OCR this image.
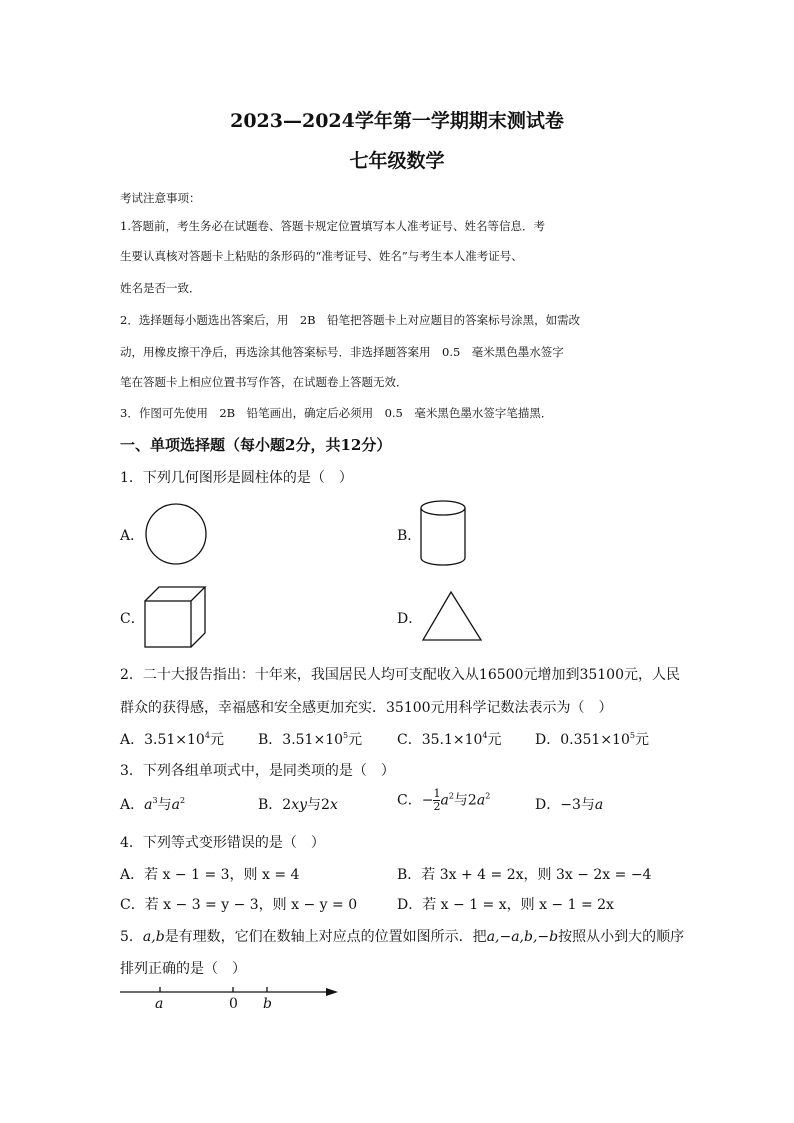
2023—2024学年第一学期期末测试卷
七年级数学
考试注意事项：
1.答题前，考生务必在试题卷、答题卡规定位置填写本人准考证号、姓名等信息．考
生要认真核对答题卡上粘贴的条形码的“准考证号、姓名”与考生本人准考证号、
姓名是否一致．
2．选择题每小题选出答案后，用　2B　铅笔把答题卡上对应题目的答案标号涂黑，如需改
动，用橡皮擦干净后，再选涂其他答案标号．非选择题答案用　0.5　毫米黑色墨水签字
笔在答题卡上相应位置书写作答，在试题卷上答题无效．
3．作图可先使用　2B　铅笔画出，确定后必须用　0.5　毫米黑色墨水签字笔描黑．
一、单项选择题（每小题2分，共12分）
1．下列几何图形是圆柱体的是（　）
A．	B．
C．	D．
2．二十大报告指出：十年来，我国居民人均可支配收入从16500元增加到35100元，人民
群众的获得感，幸福感和安全感更加充实．35100元用科学记数法表示为（　）
A．$3.51\times 10^4$元 B．$3.51\times 10^5$元 C．$35.1\times 10^4$元 D．$0.351\times 10^5$元
3．下列各组单项式中，是同类项的是（　）
A．$a^3$与$a^2$	B．2xy与2x	C．− $\frac{1}{2} a^2$与$2a^2$
D．−3与a
4．下列等式变形错误的是（　）
A．若 x − 1 = 3，则 x = 4	B．若 3x + 4 = 2x，则 3x − 2x = −4
C．若 x − 3 = y − 3，则 x − y = 0	D．若 x − 1 = x，则 x − 1 = 2x
5．a,b是有理数，它们在数轴上对应点的位置如图所示．把a,−a,b,−b按照从小到大的顺序
排列正确的是（　）
a	0 b
